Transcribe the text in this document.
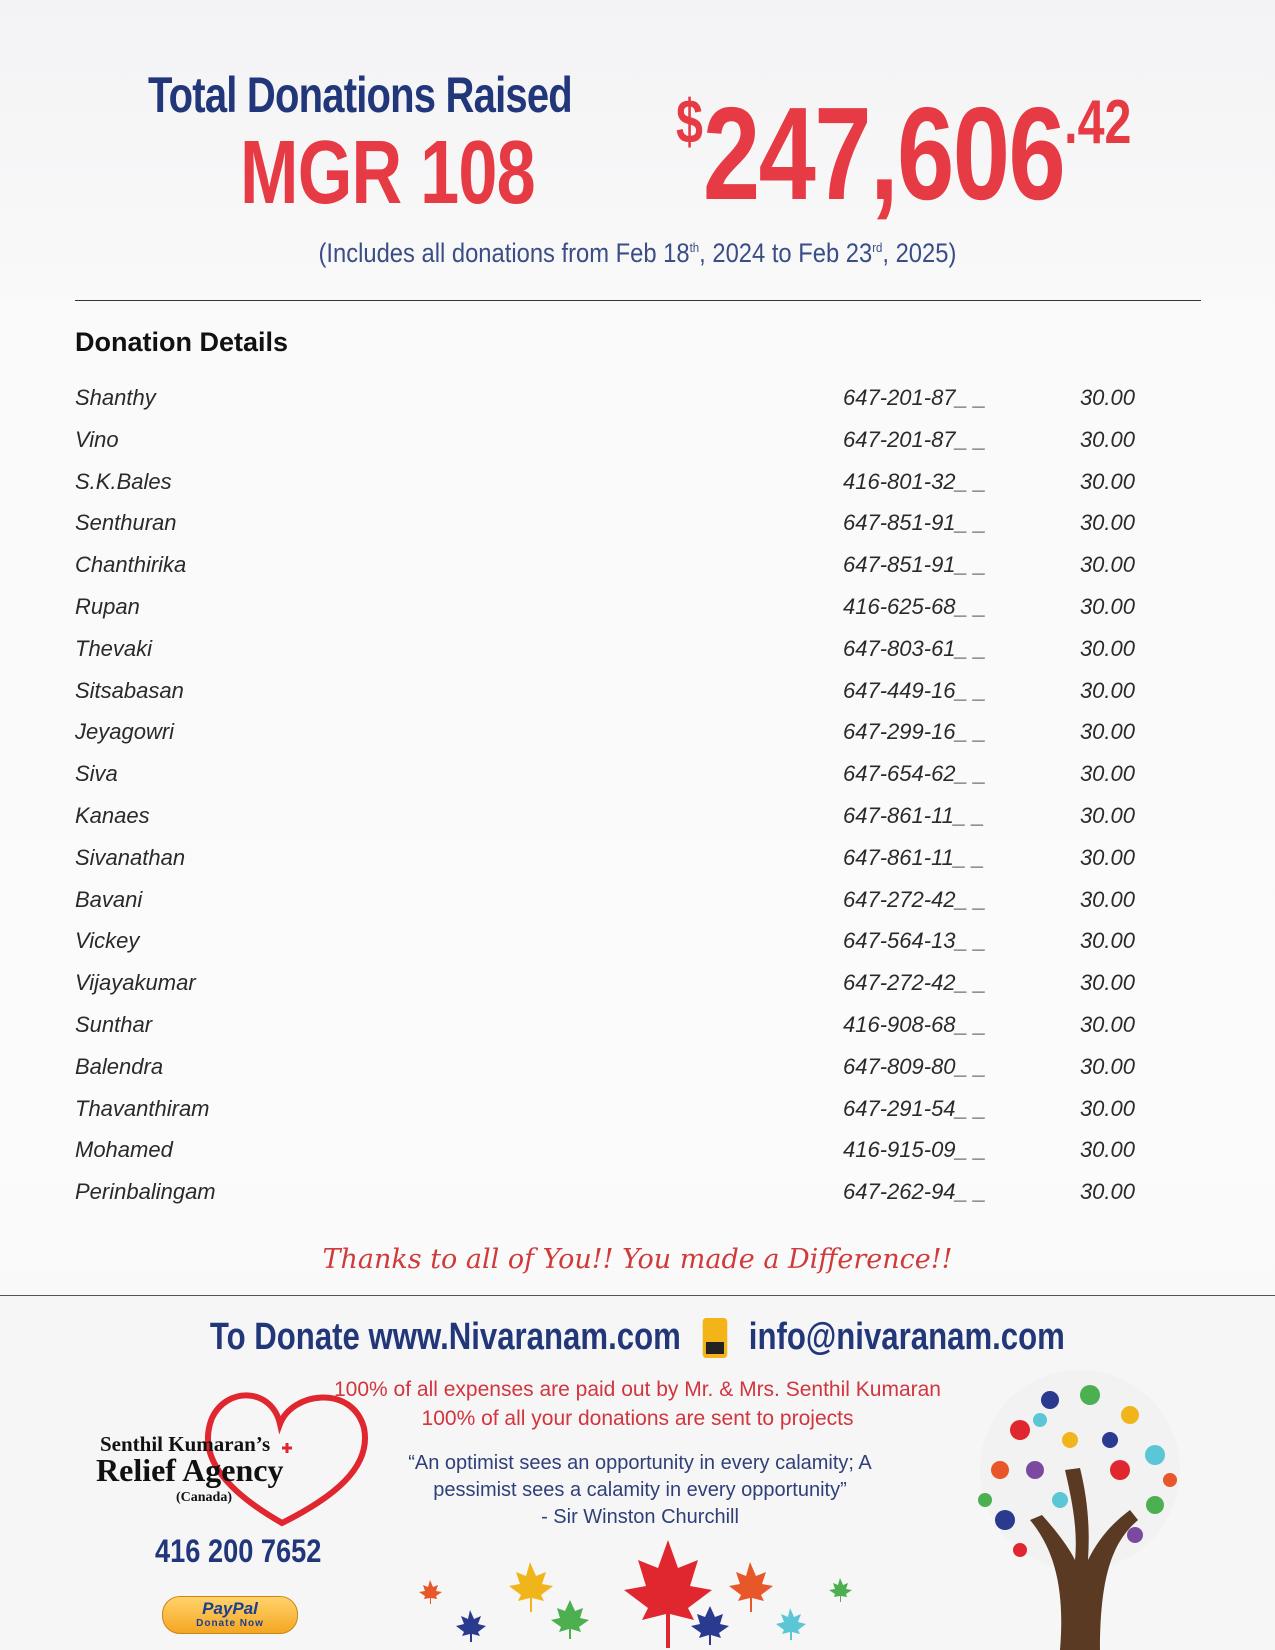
Total Donations Raised
MGR 108
$247,606.42
(Includes all donations from Feb 18th, 2024 to Feb 23rd, 2025)
Donation Details
Shanthy	647-201-87_ _	30.00
Vino	647-201-87_ _	30.00
S.K.Bales	416-801-32_ _	30.00
Senthuran	647-851-91_ _	30.00
Chanthirika	647-851-91_ _	30.00
Rupan	416-625-68_ _	30.00
Thevaki	647-803-61_ _	30.00
Sitsabasan	647-449-16_ _	30.00
Jeyagowri	647-299-16_ _	30.00
Siva	647-654-62_ _	30.00
Kanaes	647-861-11_ _	30.00
Sivanathan	647-861-11_ _	30.00
Bavani	647-272-42_ _	30.00
Vickey	647-564-13_ _	30.00
Vijayakumar	647-272-42_ _	30.00
Sunthar	416-908-68_ _	30.00
Balendra	647-809-80_ _	30.00
Thavanthiram	647-291-54_ _	30.00
Mohamed	416-915-09_ _	30.00
Perinbalingam	647-262-94_ _	30.00
Thanks to all of You!! You made a Difference!!
To Donate www.Nivaranam.com info@nivaranam.com
100% of all expenses are paid out by Mr. & Mrs. Senthil Kumaran
100% of all your donations are sent to projects
“An optimist sees an opportunity in every calamity; A
pessimist sees a calamity in every opportunity”
- Sir Winston Churchill
Senthil Kumaran’s
Relief Agency
(Canada)
416 200 7652
PayPal
Donate Now
